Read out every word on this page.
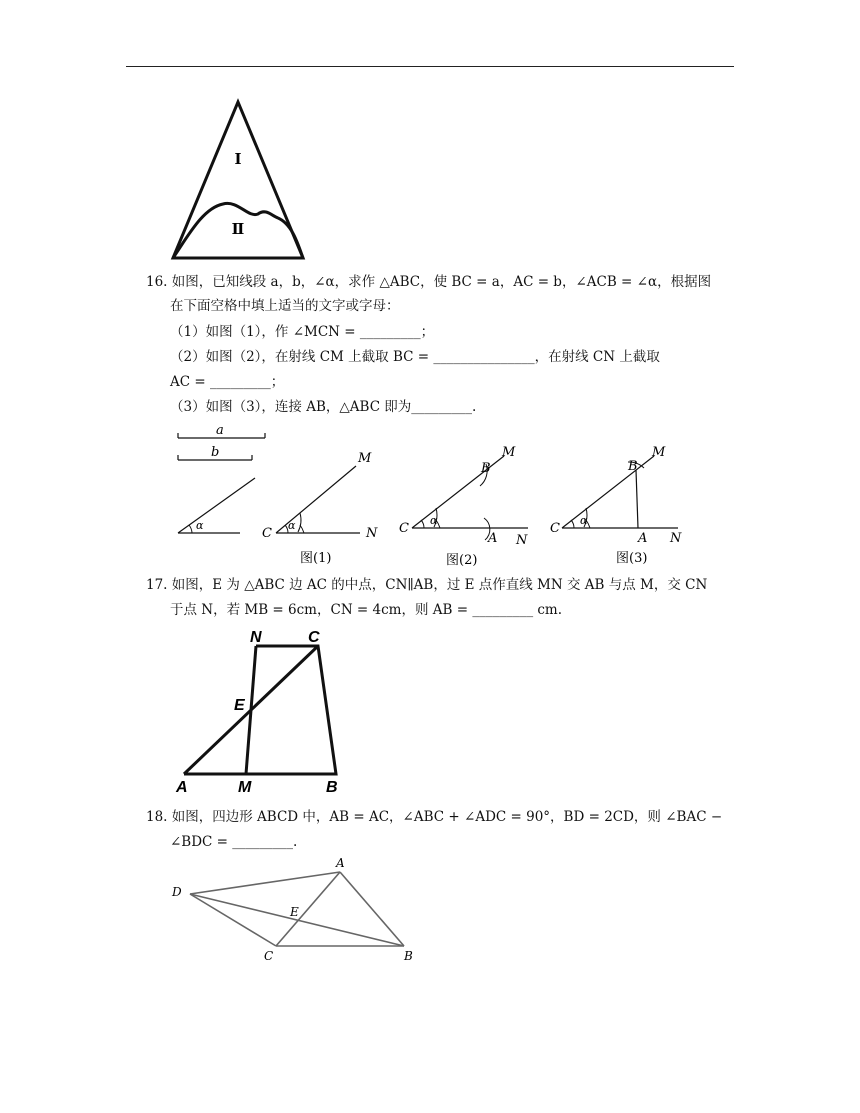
I
Ⅱ
16. 如图，已知线段 a，b，∠α，求作 △ABC，使 BC = a，AC = b，∠ACB = ∠α，根据图
在下面空格中填上适当的文字或字母：
（1）如图（1），作 ∠MCN = _________；
（2）如图（2），在射线 CM 上截取 BC = _______________，在射线 CN 上截取
AC = _________；
（3）如图（3），连接 AB，△ABC 即为_________.
a
b
α	α
C
M
N
图(1)
α
C
B
M
A N
图(2)
α
C
B
M
A N
图(3)
17. 如图，E 为 △ABC 边 AC 的中点，CN∥AB，过 E 点作直线 MN 交 AB 与点 M，交 CN
于点 N，若 MB = 6cm，CN = 4cm，则 AB = _________ cm.
N	C
E
A	M	B
18. 如图，四边形 ABCD 中，AB = AC，∠ABC + ∠ADC = 90°，BD = 2CD，则 ∠BAC −
∠BDC = _________.
A
D
E
C	B
